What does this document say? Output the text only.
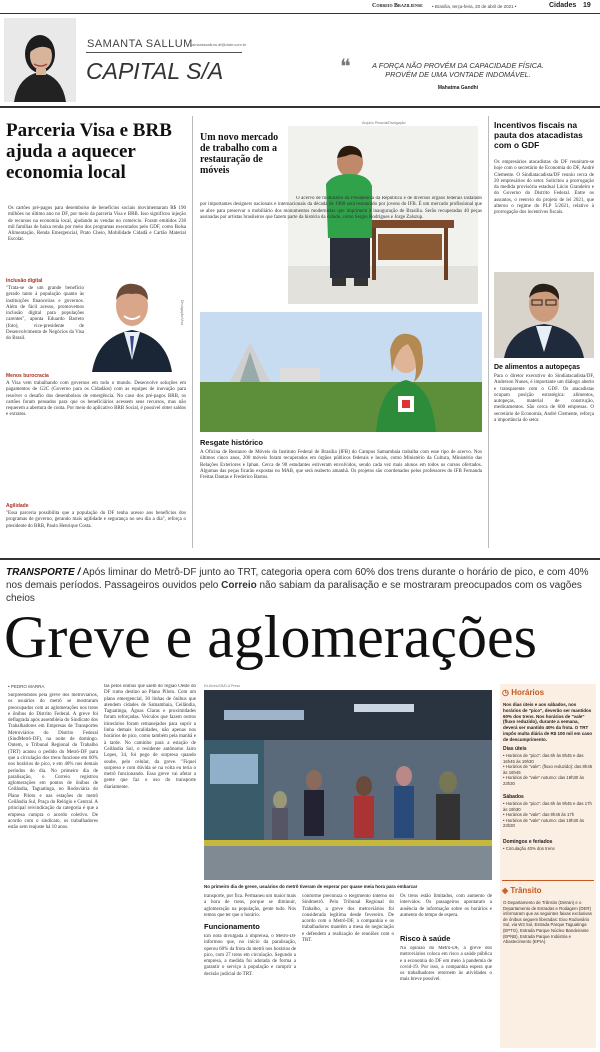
Correio Braziliense • Brasília, terça-feira, 20 de abril de 2021 •	Cidades 19
SAMANTA SALLUM
samantasallum.df@dabr.com.br
CAPITAL S/A	❝	A FORÇA NÃO PROVÉM DA CAPACIDADE FÍSICA. PROVÉM DE UMA VONTADE INDOMÁVEL.
Mahatma Gandhi
Parceria Visa e BRB ajuda a aquecer economia local
Os cartões pré-pagos para desembolso de benefícios sociais movimentaram R$ 190 milhões no último ano no DF, por meio da parceria Visa e BRB. Isso significou injeção de recursos na economia local, ajudando as vendas no comércio. Foram emitidos 238 mil famílias de baixa renda por meio dos programas executados pelo GDF, como Bolsa Alimentação, Renda Emergencial, Prato Cheio, Mobilidade Cidadã e Cartão Material Escolar.
Inclusão digital
"Trata-se de um grande benefício gerado tanto à população quanto às instituições financeiras e governos. Além de fácil acesso, promovemos inclusão digital para populações carentes", aponta Eduardo Barreto (foto), vice-presidente de Desenvolvimento de Negócios da Visa do Brasil.
Divulgação/Visa
Menos burocracia
A Visa vem trabalhando com governos em todo o mundo. Desenvolve soluções em pagamentos de G2C (Governo para os Cidadãos) com as equipes de inovação para resolver o desafio dos desembolsos de emergência. No caso dos pré-pagos BRB, os cartões foram pensados para que os beneficiários acessem seus recursos, mas não requerem a abertura de conta. Por meio do aplicativo BRB Social, é possível obter saldos e extratos.
Agilidade
"Essa parceria possibilita que a população do DF tenha acesso aos benefícios dos programas de governo, gerando mais agilidade e segurança no seu dia a dia", reforça o presidente do BRB, Paulo Henrique Costa.
Um novo mercado de trabalho com a restauração de móveis
Arquivo Pessoal/Divulgação
O acervo de mobiliário da Presidência da República e de diversos órgãos federais instalado por importantes designers nacionais e internacionais da década de 1960 será restaurado por jovens do IFB. É um mercado profissional que se abre para preservar o mobiliário dos monumentos modernistas que imprimem à inauguração de Brasília. Serão recuperadas 40 peças assinadas por artistas brasileiros que fazem parte da história da cidade, como Sergio Rodrigues e Jorge Zalszup.
Resgate histórico
A Oficina de Restauro de Móveis do Instituto Federal de Brasília (IFB) do Campus Samambaia trabalha com esse tipo de acervo. Nos últimos cinco anos, 200 móveis foram recuperados em órgãos públicos federais e locais, como Ministério da Cultura, Ministério das Relações Exteriores e Iphan. Cerca de 90 estudantes estiveram envolvidos, sendo cada vez mais alunos em todos os cursos ofertados. Algumas das peças ficarão expostas no MAB, que será reaberto amanhã. Os projetos são coordenados pelos professores do IFB Fernanda Freitas Dantas e Frederico Bastos.
Incentivos fiscais na pauta dos atacadistas com o GDF
Os empresários atacadistas do DF reuniram-se hoje com o secretário de Economia do DF, André Clemente. O Sindiatacadista/DF reuniu cerca de 20 empresários do setor. Solicitou a prorrogação da medida provisória estadual Lúcio Grandeiro e do Governo do Distrito Federal. Entre os assuntos, o reenvio do projeto de lei 2021, que alterou o regime do PLP 5/2021, relativo à prorrogação dos incentivos fiscais.
De alimentos a autopeças
Para o diretor executivo do Sindiatacadista/DF, Anderson Nunes, é importante um diálogo aberto e transparente com o GDF. Os atacadistas ocupam posição estratégica: alimentos, autopeças, material de construção, medicamentos. São cerca de 600 empresas. O secretário de Economia, André Clemente, reforça a importância do setor.
TRANSPORTE / Após liminar do Metrô-DF junto ao TRT, categoria opera com 60% dos trens durante o horário de pico, e com 40% nos demais períodos. Passageiros ouvidos pelo Correio não sabiam da paralisação e se mostraram preocupados com os vagões cheios
Greve e aglomerações
• PEDRO MARRA
Surpreendidos pela greve dos metroviários, os usuários do metrô se mostraram preocupados com as aglomerações nos trens e ônibus do Distrito Federal. A greve foi deflagrada após assembleia do Sindicato dos Trabalhadores em Empresas de Transportes Metroviários do Distrito Federal (SindMetrô-DF), na noite de domingo. Ontem, o Tribunal Regional do Trabalho (TRT) acatou o pedido do Metrô-DF para que a circulação dos trens funcione em 60% nos horários de pico, e em 40% nos demais períodos do dia. No primeiro dia de paralisação, o Correio registrou aglomerações em pontos de ônibus de Ceilândia, Taguatinga, no Rodoviária do Plano Piloto e nas estações do metrô Ceilândia Sul, Praça do Relógio e Central. A principal reivindicação da categoria é que a empresa cumpra o acordo coletivo. De acordo com o sindicato, os trabalhadores estão sem reajuste há 10 anos.
tas pelos ônibus que saem do região Oeste do DF rumo destino ao Plano Piloto. Com um plano emergencial, 30 linhas de ônibus que atendem cidades de Samambaia, Ceilândia, Taguatinga, Águas Claras e proximidades foram reforçadas. Veículos que fazem outros itinerários foram remanejados para suprir a linha demais localidades, não apenas nos horários de pico, como também pela manhã e à tarde. No caminho para a estação de Ceilândia Sul, o residente autônomo Jairo Lopes, 34, foi pego de surpresa quando soube, pelo celular, da greve. "Fiquei surpreso e com dúvida se na volta eu teria o metrô funcionando. Essa greve vai afetar a gente que faz o uso do transporte diariamente.
Ed Alves/CB/D.A Press
No primeiro dia de greve, usuários do metrô tiveram de esperar por quase meia hora para embarcar
transporte, por fica. Permaneu um maior mais a hora de trens, porque se diminuir, aglomeração na população, gente tudo. Nós temos que ter que o horário.
Funcionamento
Em nota divulgada à imprensa, o Metrô-DF informou que, no início da paralisação, operou 60% da frota do metrô nos horários de pico, com 27 trens em circulação. Segundo a empresa, a medida foi adotada de forma a garantir o serviço à população e cumprir a decisão judicial do TRT.
conforme preconiza o Regimento Interno do Sindmetrô. Pelo Tribunal Regional do Trabalho, a greve dos metroviários foi considerada legítima desde fevereiro. De acordo com o Metrô-DF, a companhia e os trabalhadores mantêm a mesa de negociação e defendem a realização de reuniões com o TRT.
Os trens estão limitados, com aumento de intervalos. Os passageiros apontaram a ausência de informação sobre os horários e aumento do tempo de espera.
Risco à saúde
Na opinião do Metrô-DF, a greve dos metroviários coloca em risco a saúde pública e a economia do DF em meio à pandemia de covid-19. Por isso, a companhia espera que os trabalhadores retornem às atividades o mais breve possível.
◷ Horários
Nos dias úteis e aos sábados, nos horários de "pico", deverão ser mantidos 60% dos trens. Nos horários de "vale" (fluxo reduzido), durante a semana, deverá ser mantido 40% da frota. O TRT impôs multa diária de R$ 100 mil em caso de descumprimento.
Dias úteis
• Horários de "pico": das 6h às 8h45 e das 16h45 às 19h30
• Horários de "vale": (fluxo reduzido): das 8h45 às 16h45
• Horários de "vale" noturno: das 19h30 às 23h30
Sábados
• Horários de "pico": das 6h às 9h45 e das 17h às 19h30
• Horários de "vale": das 9h45 às 17h
• Horários de "vale" noturno: das 19h30 às 23h30
Domingos e feriados
• Circulação 40% dos trens
◈ Trânsito
O Departamento de Trânsito (Detran) e o Departamento de Estradas e Rodagem (DER) informaram que as seguintes faixas exclusivas de ônibus seguem liberadas: Eixo Rodoviário Sul, via W3 Sul, Estrada Parque Taguatinga (EPTG), Estrada Parque Núcleo Bandeirante (EPNB), Estrada Parque Indústria e Abastecimento (EPIA).
